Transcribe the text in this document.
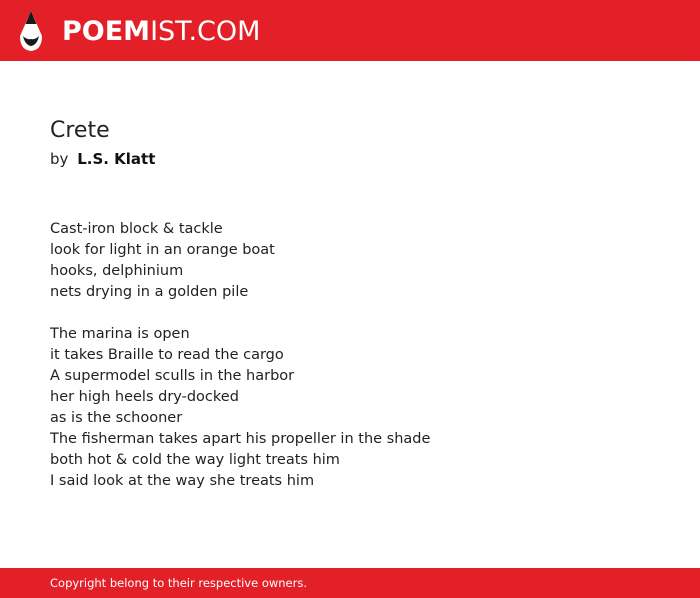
POEMIST.COM
Crete
by L.S. Klatt

Cast-iron block & tackle
look for light in an orange boat
hooks, delphinium
nets drying in a golden pile

The marina is open
it takes Braille to read the cargo
A supermodel sculls in the harbor
her high heels dry-docked
as is the schooner
The fisherman takes apart his propeller in the shade
both hot & cold the way light treats him
I said look at the way she treats him

Copyright belong to their respective owners.
